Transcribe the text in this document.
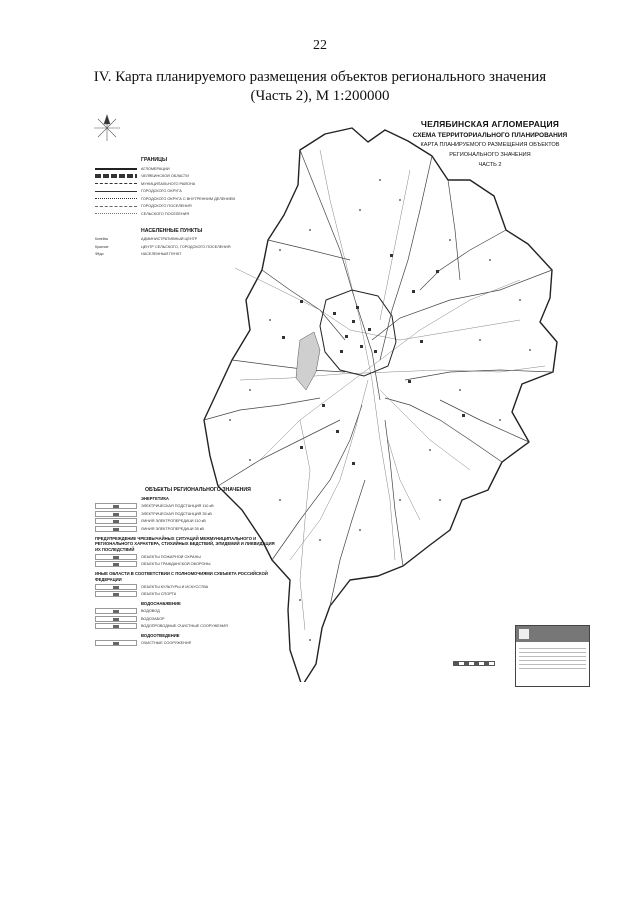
22
IV. Карта планируемого размещения объектов регионального значения
(Часть 2), М 1:200000
ЧЕЛЯБИНСКАЯ АГЛОМЕРАЦИЯ
СХЕМА ТЕРРИТОРИАЛЬНОГО ПЛАНИРОВАНИЯ
КАРТА ПЛАНИРУЕМОГО РАЗМЕЩЕНИЯ ОБЪЕКТОВ
РЕГИОНАЛЬНОГО ЗНАЧЕНИЯ
ЧАСТЬ 2
ГРАНИЦЫ
АГЛОМЕРАЦИИ
ЧЕЛЯБИНСКОЙ ОБЛАСТИ
МУНИЦИПАЛЬНОГО РАЙОНА
ГОРОДСКОГО ОКРУГА
ГОРОДСКОГО ОКРУГА С ВНУТРЕННИМ ДЕЛЕНИЕМ
ГОРОДСКОГО ПОСЕЛЕНИЯ
СЕЛЬСКОГО ПОСЕЛЕНИЯ
НАСЕЛЕННЫЕ ПУНКТЫ
Копейск	АДМИНИСТРАТИВНЫЙ ЦЕНТР
Красное	ЦЕНТР СЕЛЬСКОГО, ГОРОДСКОГО ПОСЕЛЕНИЯ
Фёдо	НАСЕЛЕННЫЙ ПУНКТ
ОБЪЕКТЫ РЕГИОНАЛЬНОГО ЗНАЧЕНИЯ
ЭНЕРГЕТИКА
ЭЛЕКТРИЧЕСКАЯ ПОДСТАНЦИЯ 110 кВ
ЭЛЕКТРИЧЕСКАЯ ПОДСТАНЦИЯ 35 кВ
ЛИНИЯ ЭЛЕКТРОПЕРЕДАЧИ 110 кВ
ЛИНИЯ ЭЛЕКТРОПЕРЕДАЧИ 35 кВ
ПРЕДУПРЕЖДЕНИЕ ЧРЕЗВЫЧАЙНЫХ СИТУАЦИЙ МЕЖМУНИЦИПАЛЬНОГО И РЕГИОНАЛЬНОГО ХАРАКТЕРА, СТИХИЙНЫХ БЕДСТВИЙ, ЭПИДЕМИЙ И ЛИКВИДАЦИЯ ИХ ПОСЛЕДСТВИЙ
ОБЪЕКТЫ ПОЖАРНОЙ ОХРАНЫ
ОБЪЕКТЫ ГРАЖДАНСКОЙ ОБОРОНЫ
ИНЫЕ ОБЛАСТИ В СООТВЕТСТВИИ С ПОЛНОМОЧИЯМИ СУБЪЕКТА РОССИЙСКОЙ ФЕДЕРАЦИИ
ОБЪЕКТЫ КУЛЬТУРЫ И ИСКУССТВА
ОБЪЕКТЫ СПОРТА
ВОДОСНАБЖЕНИЕ
ВОДОВОД
ВОДОЗАБОР
ВОДОПРОВОДНЫЕ ОЧИСТНЫЕ СООРУЖЕНИЯ
ВОДООТВЕДЕНИЕ
ОЧИСТНЫЕ СООРУЖЕНИЯ
